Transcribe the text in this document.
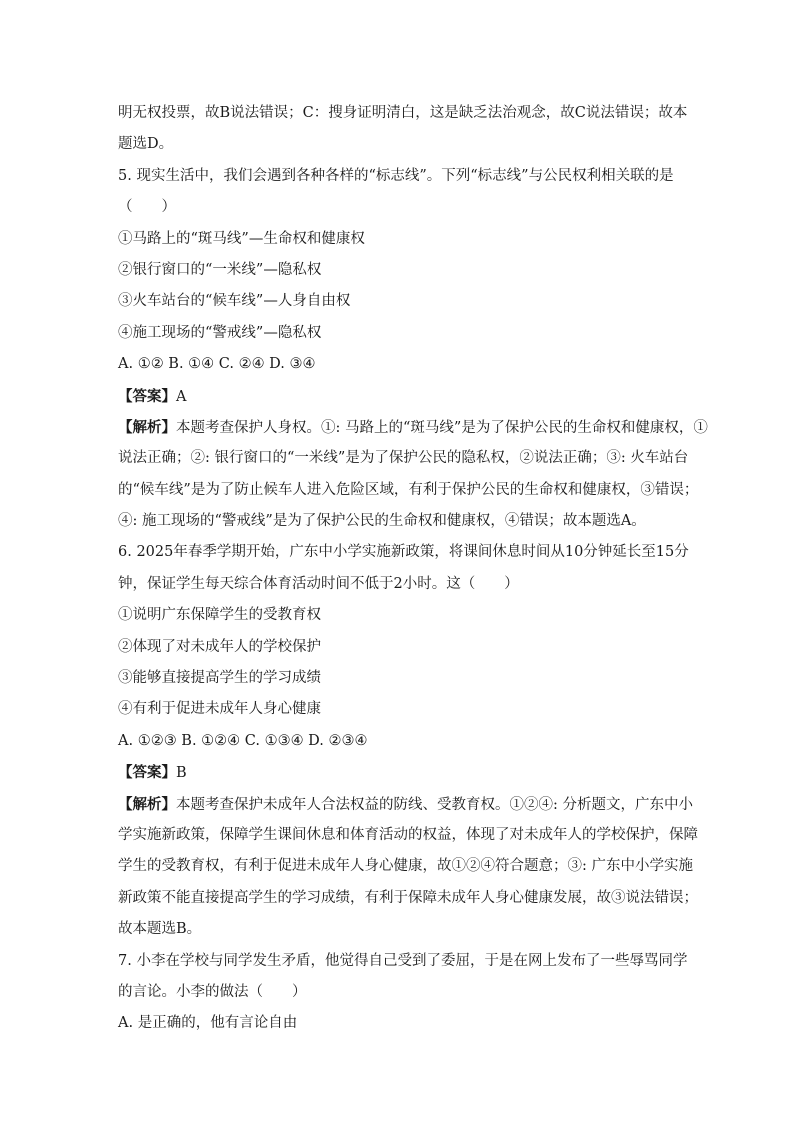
明无权投票，故B说法错误；C：搜身证明清白，这是缺乏法治观念，故C说法错误；故本
题选D。
5. 现实生活中，我们会遇到各种各样的“标志线”。下列“标志线”与公民权利相关联的是
（　　）
①马路上的“斑马线”—生命权和健康权
②银行窗口的“一米线”—隐私权
③火车站台的“候车线”—人身自由权
④施工现场的“警戒线”—隐私权
A. ①② B. ①④ C. ②④ D. ③④
【答案】A
【解析】本题考查保护人身权。①: 马路上的“斑马线”是为了保护公民的生命权和健康权，①
说法正确；②: 银行窗口的“一米线”是为了保护公民的隐私权，②说法正确；③: 火车站台
的“候车线”是为了防止候车人进入危险区域，有利于保护公民的生命权和健康权，③错误；
④: 施工现场的“警戒线”是为了保护公民的生命权和健康权，④错误；故本题选A。
6. 2025年春季学期开始，广东中小学实施新政策，将课间休息时间从10分钟延长至15分
钟，保证学生每天综合体育活动时间不低于2小时。这（　　）
①说明广东保障学生的受教育权
②体现了对未成年人的学校保护
③能够直接提高学生的学习成绩
④有利于促进未成年人身心健康
A. ①②③ B. ①②④ C. ①③④ D. ②③④
【答案】B
【解析】本题考查保护未成年人合法权益的防线、受教育权。①②④: 分析题文，广东中小
学实施新政策，保障学生课间休息和体育活动的权益，体现了对未成年人的学校保护，保障
学生的受教育权，有利于促进未成年人身心健康，故①②④符合题意；③: 广东中小学实施
新政策不能直接提高学生的学习成绩，有利于保障未成年人身心健康发展，故③说法错误；
故本题选B。
7. 小李在学校与同学发生矛盾，他觉得自己受到了委屈，于是在网上发布了一些辱骂同学
的言论。小李的做法（　　）
A. 是正确的，他有言论自由
